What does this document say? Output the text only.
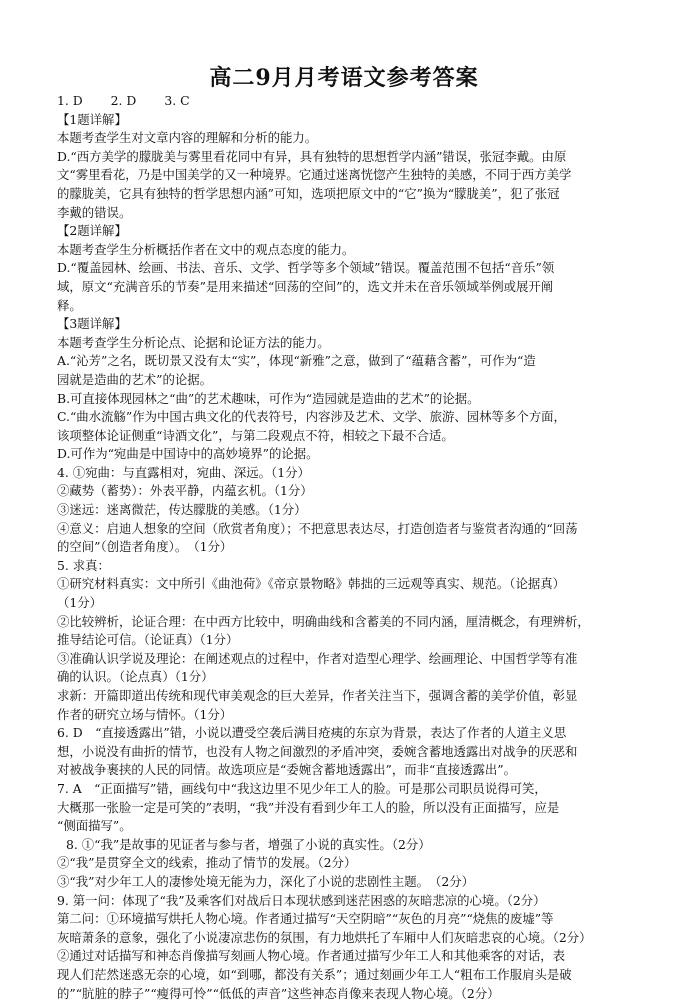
高二9月月考语文参考答案
1. D 2. D 3. C
【1题详解】
本题考查学生对文章内容的理解和分析的能力。
D.“西方美学的朦胧美与雾里看花同中有异，具有独特的思想哲学内涵”错误，张冠李戴。由原
文“雾里看花，乃是中国美学的又一种境界。它通过迷离恍惚产生独特的美感，不同于西方美学
的朦胧美，它具有独特的哲学思想内涵”可知，选项把原文中的“它”换为“朦胧美”，犯了张冠
李戴的错误。
【2题详解】
本题考查学生分析概括作者在文中的观点态度的能力。
D.“覆盖园林、绘画、书法、音乐、文学、哲学等多个领域”错误。覆盖范围不包括“音乐”领
域，原文“充满音乐的节奏”是用来描述“回荡的空间”的，选文并未在音乐领域举例或展开阐
释。
【3题详解】
本题考查学生分析论点、论据和论证方法的能力。
A.“沁芳”之名，既切景又没有太“实”，体现“新雅”之意，做到了“蕴藉含蓄”，可作为“造
园就是造曲的艺术”的论据。
B.可直接体现园林之“曲”的艺术趣味，可作为“造园就是造曲的艺术”的论据。
C.“曲水流觞”作为中国古典文化的代表符号，内容涉及艺术、文学、旅游、园林等多个方面，
该项整体论证侧重“诗酒文化”，与第二段观点不符，相较之下最不合适。
D.可作为“宛曲是中国诗中的高妙境界”的论据。
4. ①宛曲：与直露相对，宛曲、深远。（1分）
②藏势（蓄势）：外表平静，内蕴玄机。（1分）
③迷远：迷离微茫，传达朦胧的美感。（1分）
④意义：启迪人想象的空间（欣赏者角度）；不把意思表达尽，打造创造者与鉴赏者沟通的“回荡
的空间”（创造者角度）。　（1分）
5. 求真：
①研究材料真实：文中所引《曲池荷》《帝京景物略》韩拙的三远观等真实、规范。（论据真）
（1分）
②比较辨析，论证合理：在中西方比较中，明确曲线和含蓄美的不同内涵，厘清概念，有理辨析，
推导结论可信。（论证真）（1分）
③准确认识学说及理论：在阐述观点的过程中，作者对造型心理学、绘画理论、中国哲学等有准
确的认识。（论点真）（1分）
求新：开篇即道出传统和现代审美观念的巨大差异，作者关注当下，强调含蓄的美学价值，彰显
作者的研究立场与情怀。（1分）
6. D　“直接透露出”错，小说以遭受空袭后满目疮痍的东京为背景，表达了作者的人道主义思
想，小说没有曲折的情节，也没有人物之间激烈的矛盾冲突，委婉含蓄地透露出对战争的厌恶和
对被战争裹挟的人民的同情。故选项应是“委婉含蓄地透露出”，而非“直接透露出”。
7. A　“正面描写”错，画线句中“我这边里不见少年工人的脸。可是那公司职员说得可笑，
大概那一张脸一定是可笑的”表明，“我”并没有看到少年工人的脸，所以没有正面描写，应是
“侧面描写”。
8. ①“我”是故事的见证者与参与者，增强了小说的真实性。（2分）
②“我”是贯穿全文的线索，推动了情节的发展。（2分）
③“我”对少年工人的凄惨处境无能为力，深化了小说的悲剧性主题。　（2分）
9. 第一问：体现了“我”及乘客们对战后日本现状感到迷茫困惑的灰暗悲凉的心境。（2分）
第二问：①环境描写烘托人物心境。作者通过描写“天空阴暗”“灰色的月亮”“烧焦的废墟”等
灰暗萧条的意象，强化了小说凄凉悲伤的氛围，有力地烘托了车厢中人们灰暗悲哀的心境。（2分）
②通过对话描写和神态肖像描写刻画人物心境。作者通过描写少年工人和其他乘客的对话，表
现人们茫然迷惑无奈的心境，如“到哪，都没有关系”；通过刻画少年工人“粗布工作服肩头是破
的”“肮脏的脖子”“瘦得可怜”“低低的声音”这些神态肖像来表现人物心境。（2分）
